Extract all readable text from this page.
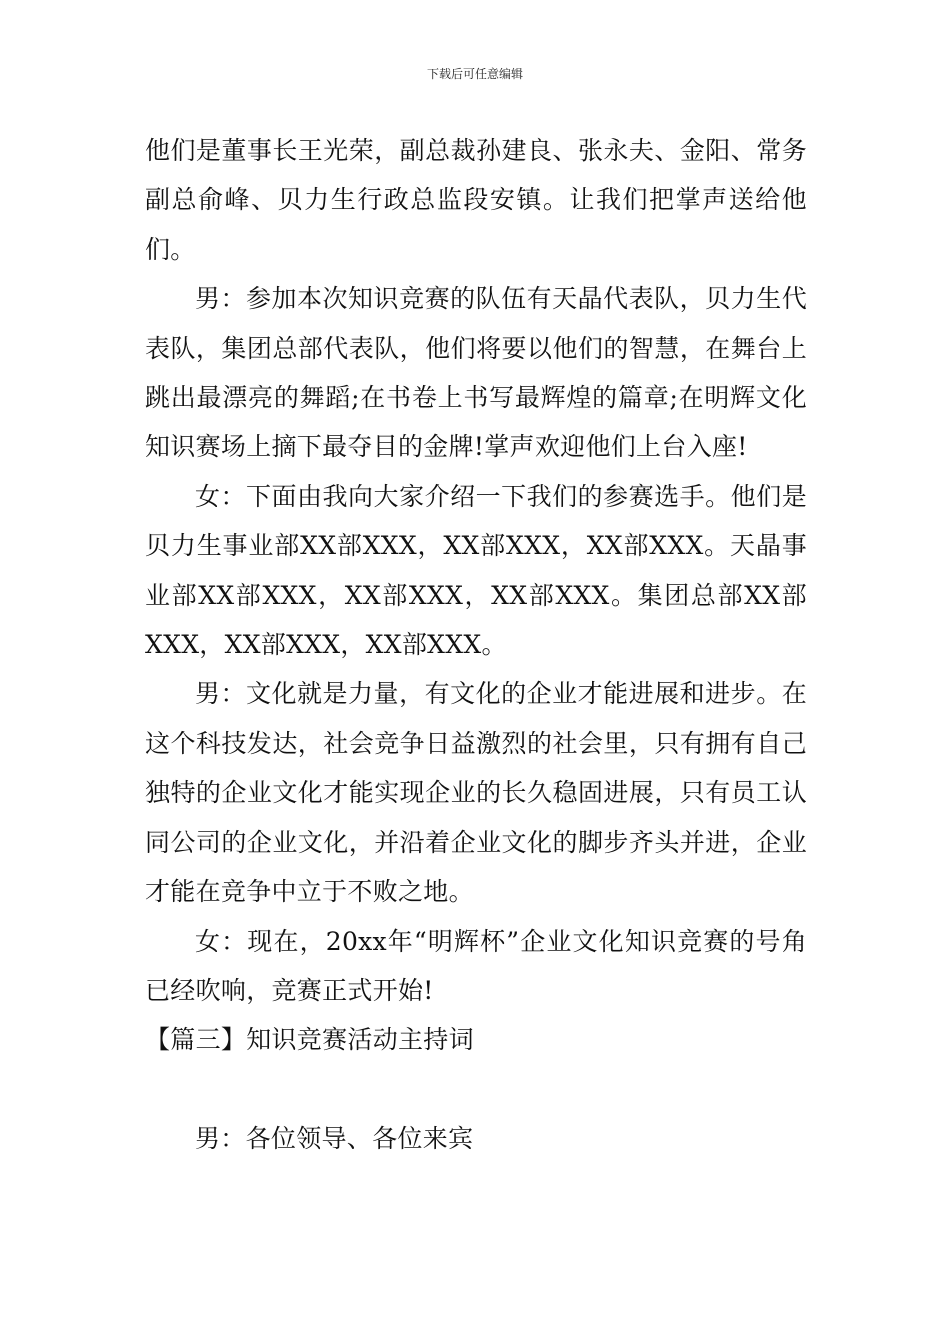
下载后可任意编辑

他们是董事长王光荣，副总裁孙建良、张永夫、金阳、常务副总俞峰、贝力生行政总监段安镇。让我们把掌声送给他们。

男：参加本次知识竞赛的队伍有天晶代表队，贝力生代表队，集团总部代表队，他们将要以他们的智慧，在舞台上跳出最漂亮的舞蹈;在书卷上书写最辉煌的篇章;在明辉文化知识赛场上摘下最夺目的金牌!掌声欢迎他们上台入座!

女：下面由我向大家介绍一下我们的参赛选手。他们是贝力生事业部XX部XXX，XX部XXX，XX部XXX。天晶事业部XX部XXX，XX部XXX，XX部XXX。集团总部XX部XXX，XX部XXX，XX部XXX。

男：文化就是力量，有文化的企业才能进展和进步。在这个科技发达，社会竞争日益激烈的社会里，只有拥有自己独特的企业文化才能实现企业的长久稳固进展，只有员工认同公司的企业文化，并沿着企业文化的脚步齐头并进，企业才能在竞争中立于不败之地。

女：现在，20xx年“明辉杯”企业文化知识竞赛的号角已经吹响，竞赛正式开始!

【篇三】知识竞赛活动主持词

男：各位领导、各位来宾
